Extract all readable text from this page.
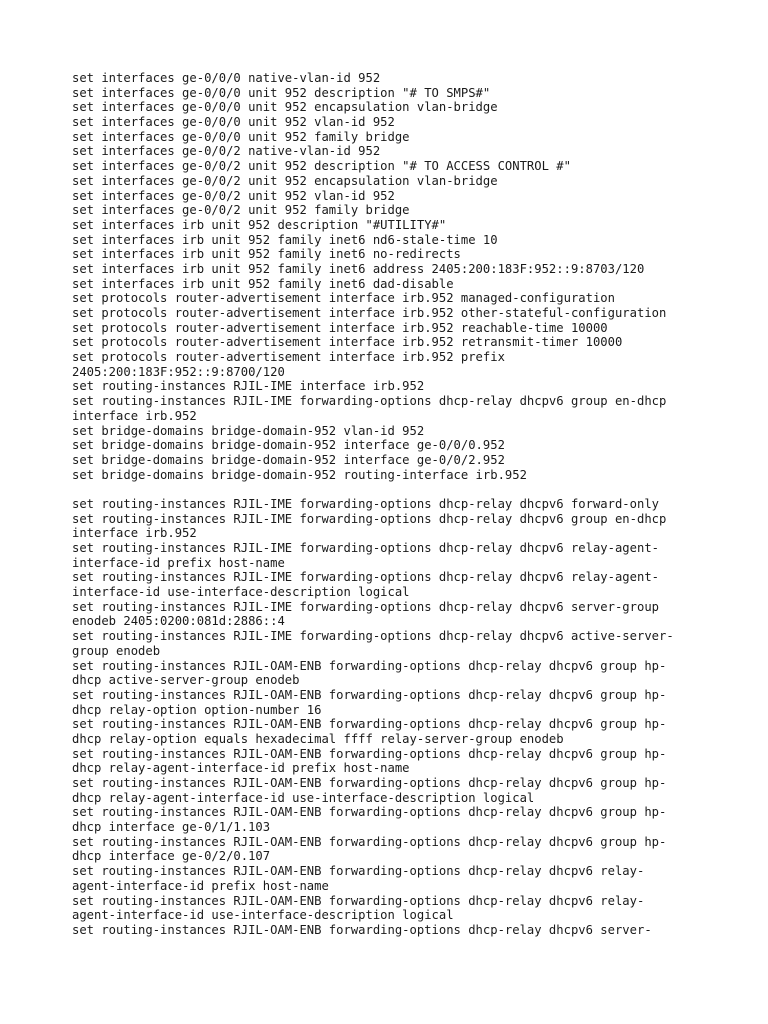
set interfaces ge-0/0/0 native-vlan-id 952
set interfaces ge-0/0/0 unit 952 description "# TO SMPS#"
set interfaces ge-0/0/0 unit 952 encapsulation vlan-bridge
set interfaces ge-0/0/0 unit 952 vlan-id 952
set interfaces ge-0/0/0 unit 952 family bridge
set interfaces ge-0/0/2 native-vlan-id 952
set interfaces ge-0/0/2 unit 952 description "# TO ACCESS CONTROL #"
set interfaces ge-0/0/2 unit 952 encapsulation vlan-bridge
set interfaces ge-0/0/2 unit 952 vlan-id 952
set interfaces ge-0/0/2 unit 952 family bridge
set interfaces irb unit 952 description "#UTILITY#"
set interfaces irb unit 952 family inet6 nd6-stale-time 10
set interfaces irb unit 952 family inet6 no-redirects
set interfaces irb unit 952 family inet6 address 2405:200:183F:952::9:8703/120
set interfaces irb unit 952 family inet6 dad-disable
set protocols router-advertisement interface irb.952 managed-configuration
set protocols router-advertisement interface irb.952 other-stateful-configuration
set protocols router-advertisement interface irb.952 reachable-time 10000
set protocols router-advertisement interface irb.952 retransmit-timer 10000
set protocols router-advertisement interface irb.952 prefix
2405:200:183F:952::9:8700/120
set routing-instances RJIL-IME interface irb.952
set routing-instances RJIL-IME forwarding-options dhcp-relay dhcpv6 group en-dhcp
interface irb.952
set bridge-domains bridge-domain-952 vlan-id 952
set bridge-domains bridge-domain-952 interface ge-0/0/0.952
set bridge-domains bridge-domain-952 interface ge-0/0/2.952
set bridge-domains bridge-domain-952 routing-interface irb.952
set routing-instances RJIL-IME forwarding-options dhcp-relay dhcpv6 forward-only
set routing-instances RJIL-IME forwarding-options dhcp-relay dhcpv6 group en-dhcp
interface irb.952
set routing-instances RJIL-IME forwarding-options dhcp-relay dhcpv6 relay-agent-
interface-id prefix host-name
set routing-instances RJIL-IME forwarding-options dhcp-relay dhcpv6 relay-agent-
interface-id use-interface-description logical
set routing-instances RJIL-IME forwarding-options dhcp-relay dhcpv6 server-group
enodeb 2405:0200:081d:2886::4
set routing-instances RJIL-IME forwarding-options dhcp-relay dhcpv6 active-server-
group enodeb
set routing-instances RJIL-OAM-ENB forwarding-options dhcp-relay dhcpv6 group hp-
dhcp active-server-group enodeb
set routing-instances RJIL-OAM-ENB forwarding-options dhcp-relay dhcpv6 group hp-
dhcp relay-option option-number 16
set routing-instances RJIL-OAM-ENB forwarding-options dhcp-relay dhcpv6 group hp-
dhcp relay-option equals hexadecimal ffff relay-server-group enodeb
set routing-instances RJIL-OAM-ENB forwarding-options dhcp-relay dhcpv6 group hp-
dhcp relay-agent-interface-id prefix host-name
set routing-instances RJIL-OAM-ENB forwarding-options dhcp-relay dhcpv6 group hp-
dhcp relay-agent-interface-id use-interface-description logical
set routing-instances RJIL-OAM-ENB forwarding-options dhcp-relay dhcpv6 group hp-
dhcp interface ge-0/1/1.103
set routing-instances RJIL-OAM-ENB forwarding-options dhcp-relay dhcpv6 group hp-
dhcp interface ge-0/2/0.107
set routing-instances RJIL-OAM-ENB forwarding-options dhcp-relay dhcpv6 relay-
agent-interface-id prefix host-name
set routing-instances RJIL-OAM-ENB forwarding-options dhcp-relay dhcpv6 relay-
agent-interface-id use-interface-description logical
set routing-instances RJIL-OAM-ENB forwarding-options dhcp-relay dhcpv6 server-
